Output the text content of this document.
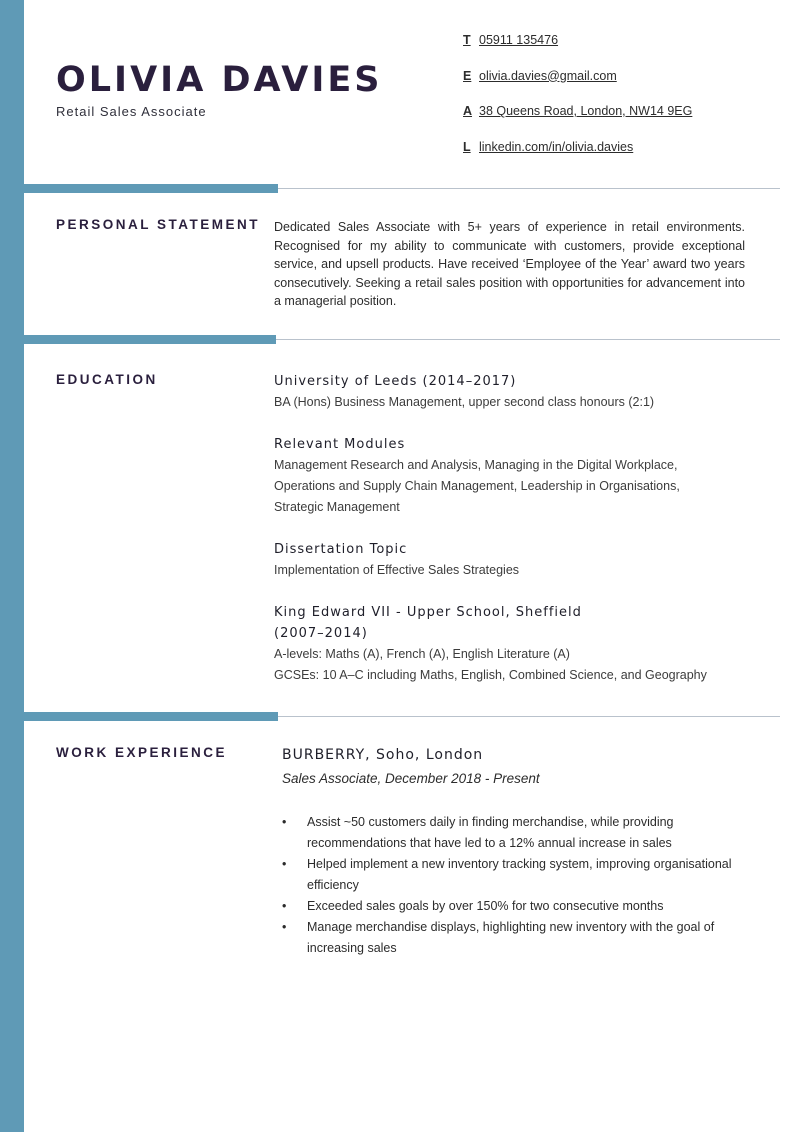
OLIVIA DAVIES
Retail Sales Associate
T 05911 135476
E olivia.davies@gmail.com
A 38 Queens Road, London, NW14 9EG
L linkedin.com/in/olivia.davies
PERSONAL STATEMENT Dedicated Sales Associate with 5+ years of experience in retail environments. Recognised for my ability to communicate with customers, provide exceptional service, and upsell products. Have received ‘Employee of the Year’ award two years consecutively. Seeking a retail sales position with opportunities for advancement into a managerial position.

EDUCATION	University of Leeds (2014–2017)
BA (Hons) Business Management, upper second class honours (2:1)
Relevant Modules
Management Research and Analysis, Managing in the Digital Workplace,
Operations and Supply Chain Management, Leadership in Organisations,
Strategic Management
Dissertation Topic
Implementation of Effective Sales Strategies
King Edward VII - Upper School, Sheffield
(2007–2014)
A-levels: Maths (A), French (A), English Literature (A)
GCSEs: 10 A–C including Maths, English, Combined Science, and Geography
WORK EXPERIENCE	BURBERRY, Soho, London
Sales Associate, December 2018 - Present
• Assist ~50 customers daily in finding merchandise, while providing recommendations that have led to a 12% annual increase in sales
• Helped implement a new inventory tracking system, improving organisational efficiency
• Exceeded sales goals by over 150% for two consecutive months
• Manage merchandise displays, highlighting new inventory with the goal of increasing sales
